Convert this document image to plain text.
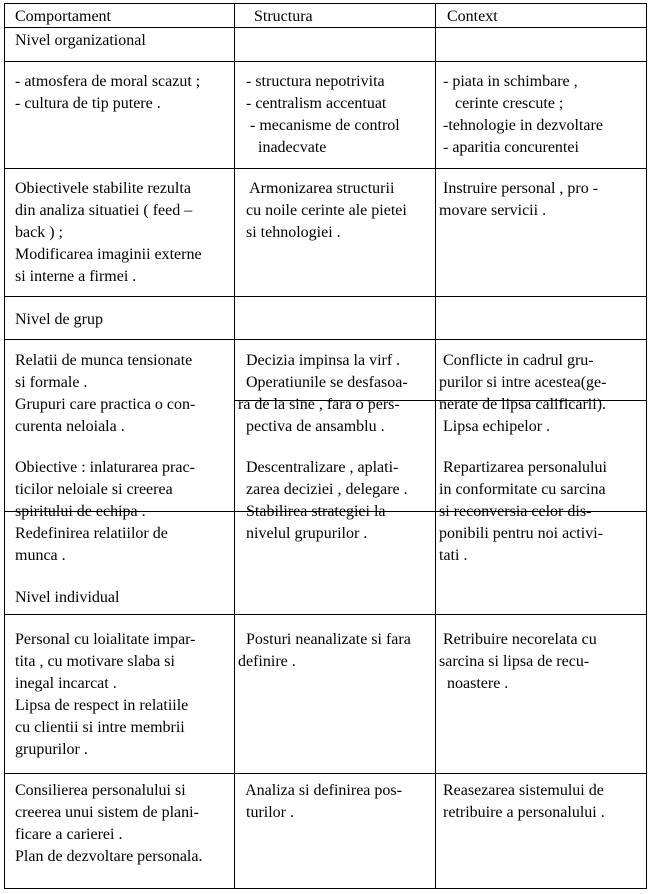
Comportament	Structura	Context
Nivel organizational
- atmosfera de moral scazut ;
- cultura de tip putere .
- structura nepotrivita
- centralism accentuat
- mecanisme de control
inadecvate
- piata in schimbare ,
cerinte crescute ;
-tehnologie in dezvoltare
- aparitia concurentei
Obiectivele stabilite rezulta
din analiza situatiei ( feed –
back ) ;
Modificarea imaginii externe
si interne a firmei .
Armonizarea structurii
cu noile cerinte ale pietei
si tehnologiei .
Instruire personal , pro -
movare servicii .
Nivel de grup
Relatii de munca tensionate
si formale .
Grupuri care practica o con-
curenta neloiala .
Decizia impinsa la virf .
Operatiunile se desfasoa-
ra de la sine , fara o pers-
pectiva de ansamblu .
Conflicte in cadrul gru-
purilor si intre acestea(ge-
nerate de lipsa calificarii).
Lipsa echipelor .
Obiective : inlaturarea prac-
ticilor neloiale si creerea
spiritului de echipa .
Redefinirea relatiilor de
munca .
Descentralizare , aplati-
zarea deciziei , delegare .
Stabilirea strategiei la
nivelul grupurilor .
Repartizarea personalului
in conformitate cu sarcina
si reconversia celor dis-
ponibili pentru noi activi-
tati .
Nivel individual
Personal cu loialitate impar-
tita , cu motivare slaba si
inegal incarcat .
Lipsa de respect in relatiile
cu clientii si intre membrii
grupurilor .
Posturi neanalizate si fara
definire .
Retribuire necorelata cu
sarcina si lipsa de recu-
noastere .
Consilierea personalului si
creerea unui sistem de plani-
ficare a carierei .
Plan de dezvoltare personala.
Analiza si definirea pos-
turilor .
Reasezarea sistemului de
retribuire a personalului .
